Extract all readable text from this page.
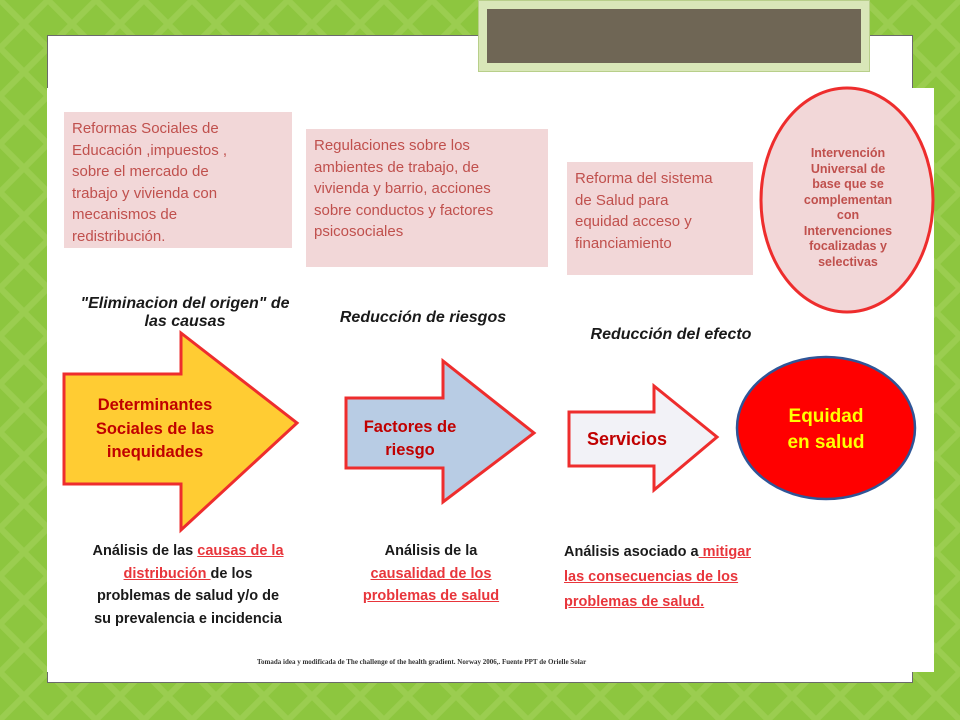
Reformas Sociales de
Educación ,impuestos ,
sobre el mercado de
trabajo y vivienda con
mecanismos de
redistribución.
Regulaciones sobre los
ambientes de trabajo, de
vivienda y barrio, acciones
sobre conductos y factores
psicosociales
Reforma del sistema
de Salud para
equidad acceso y
financiamiento
Intervención
Universal de
base que se
complementan
con
Intervenciones
focalizadas y
selectivas
"Eliminacion del origen" de
las causas	Reducción de riesgos
Reducción del efecto
Determinantes
Sociales de las
inequidades
Factores de
riesgo
Servicios
Equidad
en salud
Análisis de las causas de la
distribución de los
problemas de salud y/o de
su prevalencia e incidencia
Análisis de la
causalidad de los
problemas de salud
Análisis asociado a mitigar
las consecuencias de los
problemas de salud.
Tomada idea y modificada de The challenge of the health gradient. Norway 2006,. Fuente PPT de Orielle Solar
